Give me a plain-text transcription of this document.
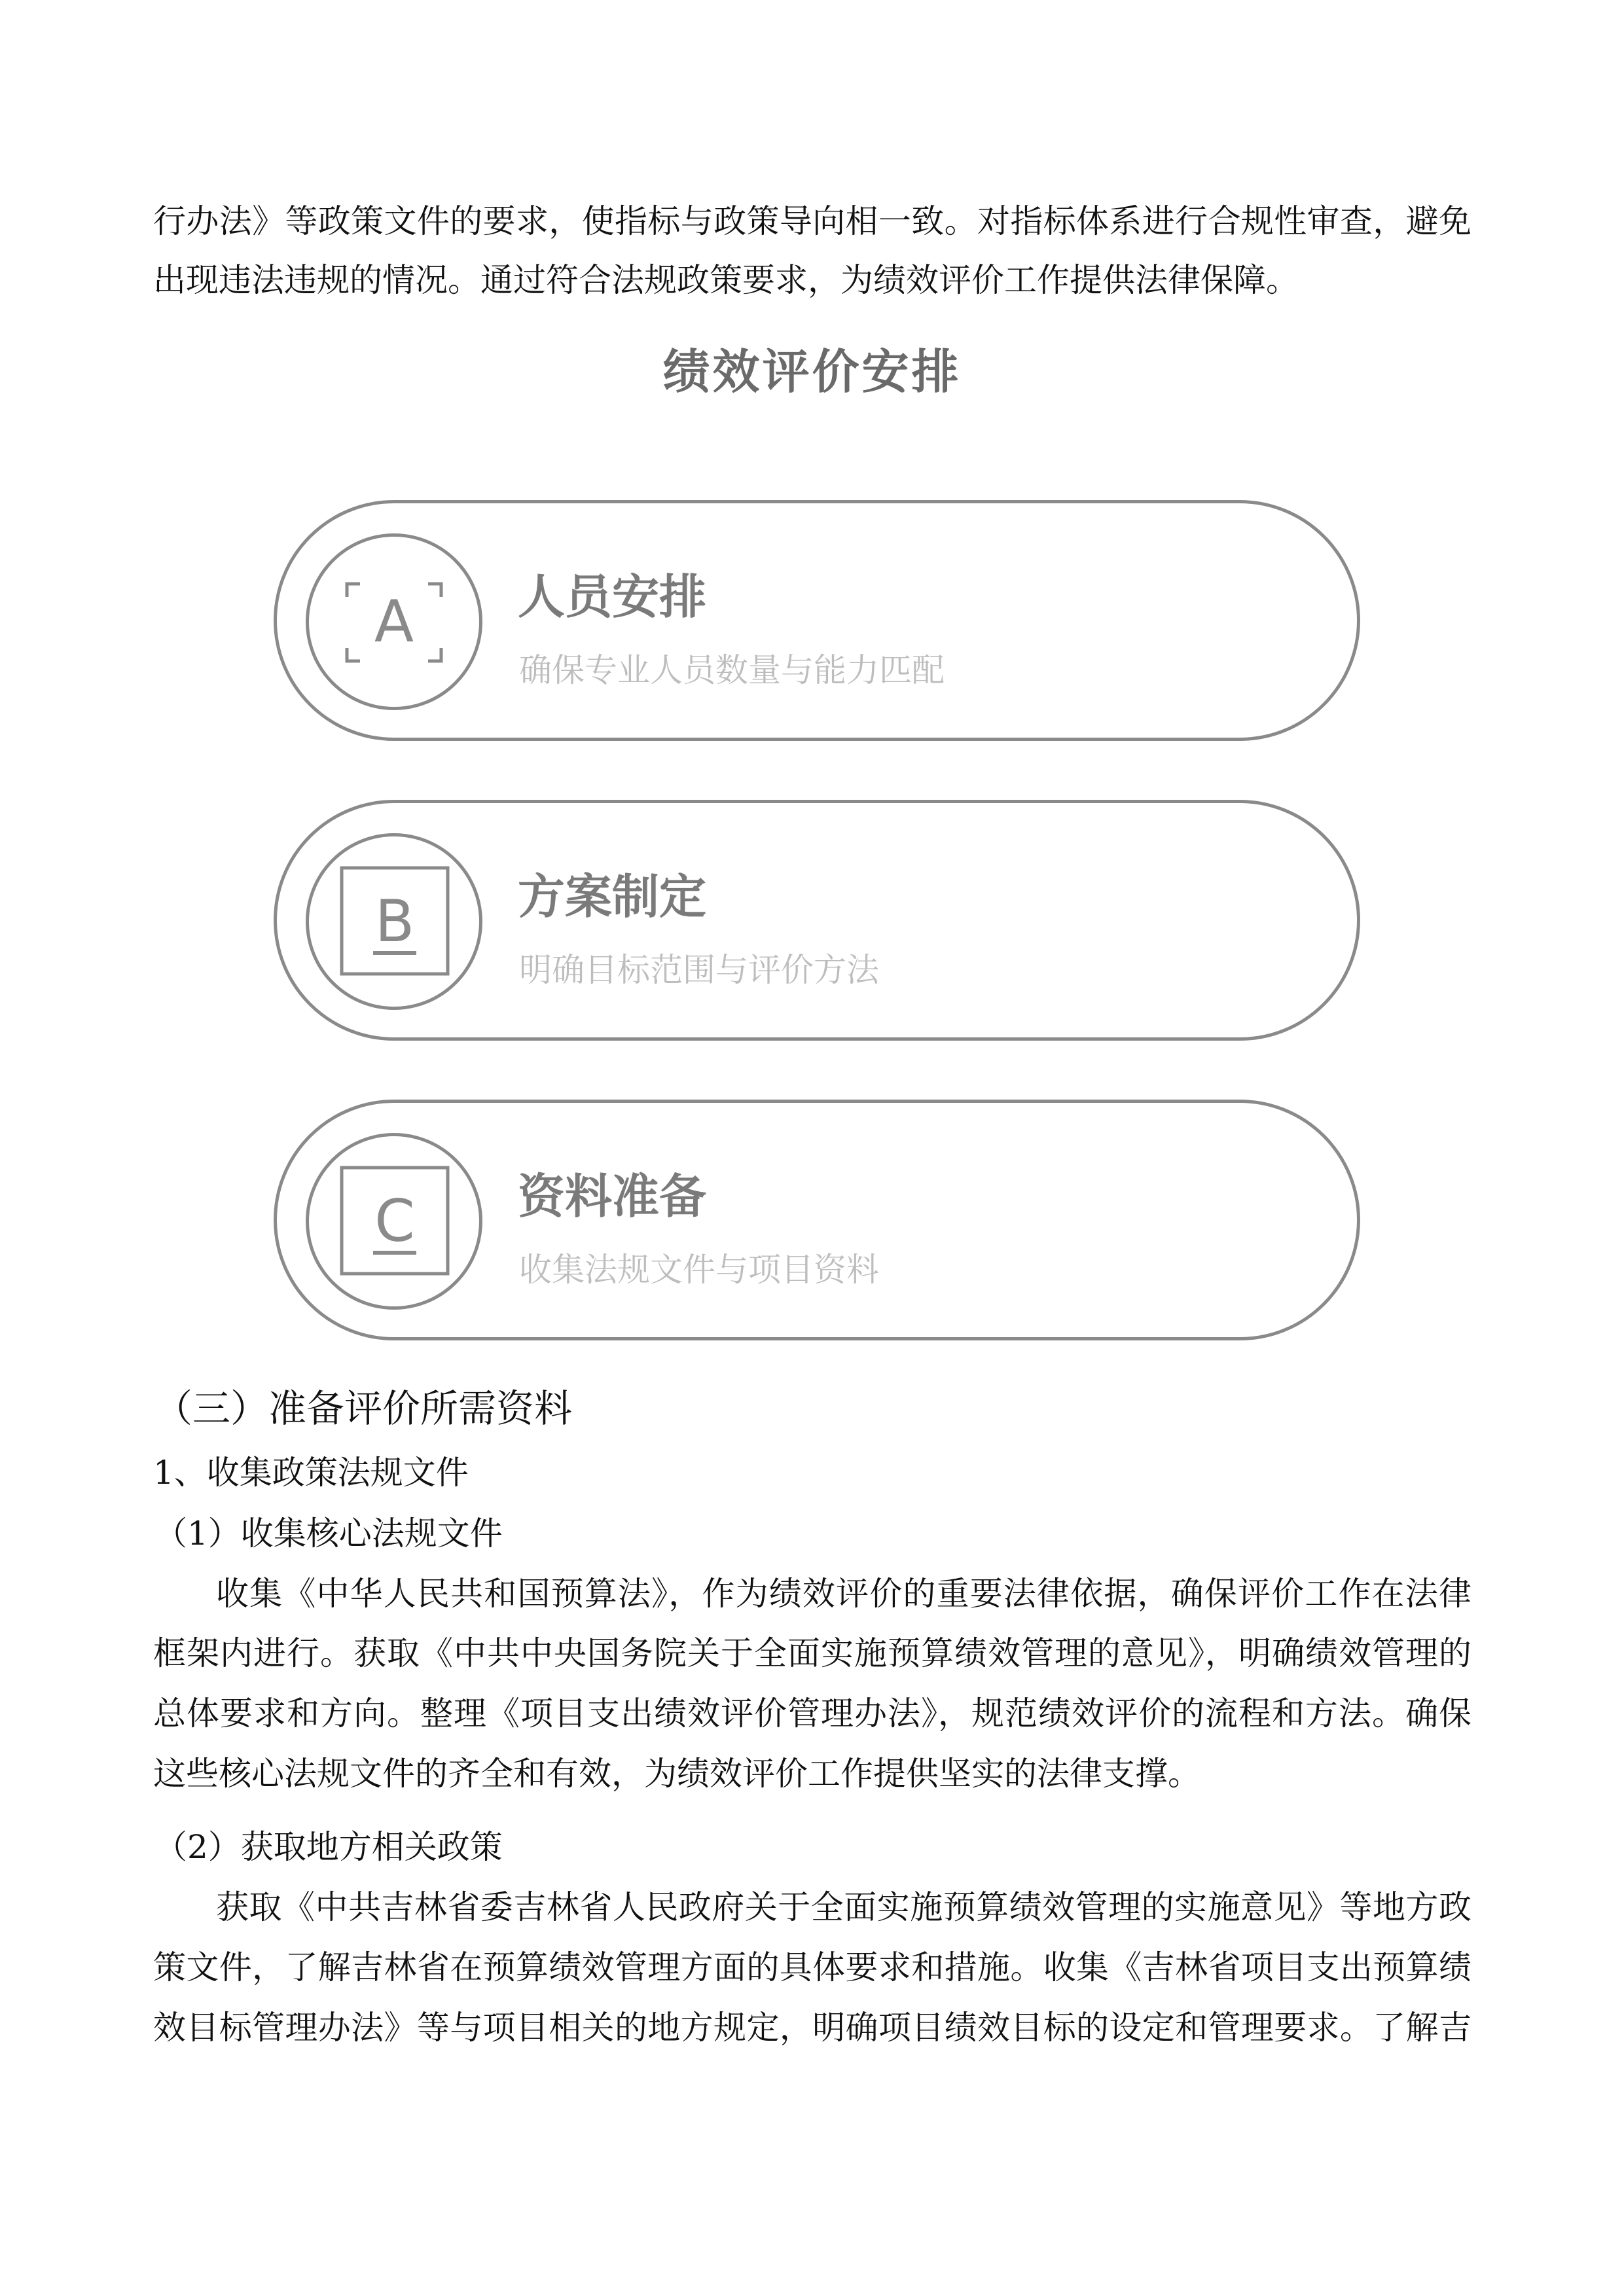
行办法》等政策文件的要求，使指标与政策导向相一致。对指标体系进行合规性审查，避免
出现违法违规的情况。通过符合法规政策要求，为绩效评价工作提供法律保障。
绩效评价安排
A 人员安排
确保专业人员数量与能力匹配
B 方案制定
明确目标范围与评价方法
C 资料准备
收集法规文件与项目资料
（三）准备评价所需资料
1、收集政策法规文件
（1）收集核心法规文件
收集《中华人民共和国预算法》，作为绩效评价的重要法律依据，确保评价工作在法律
框架内进行。获取《中共中央国务院关于全面实施预算绩效管理的意见》，明确绩效管理的
总体要求和方向。整理《项目支出绩效评价管理办法》，规范绩效评价的流程和方法。确保
这些核心法规文件的齐全和有效，为绩效评价工作提供坚实的法律支撑。
（2）获取地方相关政策
获取《中共吉林省委吉林省人民政府关于全面实施预算绩效管理的实施意见》等地方政
策文件，了解吉林省在预算绩效管理方面的具体要求和措施。收集《吉林省项目支出预算绩
效目标管理办法》等与项目相关的地方规定，明确项目绩效目标的设定和管理要求。了解吉
